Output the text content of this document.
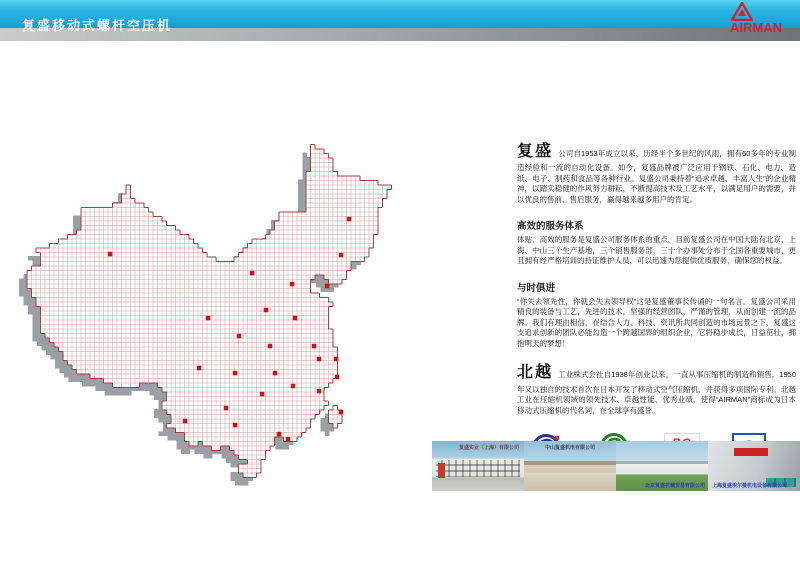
复盛移动式螺杆空压机	AIRMAN
复盛 公司自1953年成立以来，历经半个多世纪的风雨，拥有60多年的专业制造经验和一流的自动化设备。如今，复盛品牌被广泛应用于钢铁、石化、电力、造纸、电子、制药和食品等各种行业。复盛公司秉持着“追求卓越、丰富人生”的企业精神，以踏实稳健的作风努力耕耘，不断提高技术及工艺水平，以满足用户的需要，并以优良的售前、售后服务，赢得越来越多用户的肯定。
高效的服务体系
体贴、高效的服务是复盛公司服务体系的重点。目前复盛公司在中国大陆有北京、上海、中山三个生产基地，三个销售服务部，三十个办事处分布于全国各重要城市，更且拥有经严格培训的持证维护人员，可以迅速为您提供优质服务，确保您的权益。
与时俱进
“你失去领先性，你就会失去领导权”这是复盛董事长传诵的一句名言。复盛公司采用精良的装备与工艺，先进的技术，坚强的经营团队，严谨的管理，从而创建一流的品牌。我们有理由相信，在结合人力、科技、资讯所共同创造的市场远景之下，复盛这支追求创新的团队必能勾造一个跨越国界的组织企业，它将稳步成长，日益茁壮，拥抱明天的梦想！
北越 工业株式会社自1938年创业以来，一直从事压缩机的制造和销售，1950年又以独自的技术首次在日本开发了移动式空气压缩机，并获得多项国际专利。北越工业在压缩机领域的领先技术、卓越性能、优秀业绩，使得“AIRMAN”商标成为日本移动式压缩机的代名词，在全球享有盛誉。
复盛实业（上海）有限公司	中山复盛机电有限公司
北京复盛机械贸易有限公司 上海复盛埃尔曼机电设备有限公司
